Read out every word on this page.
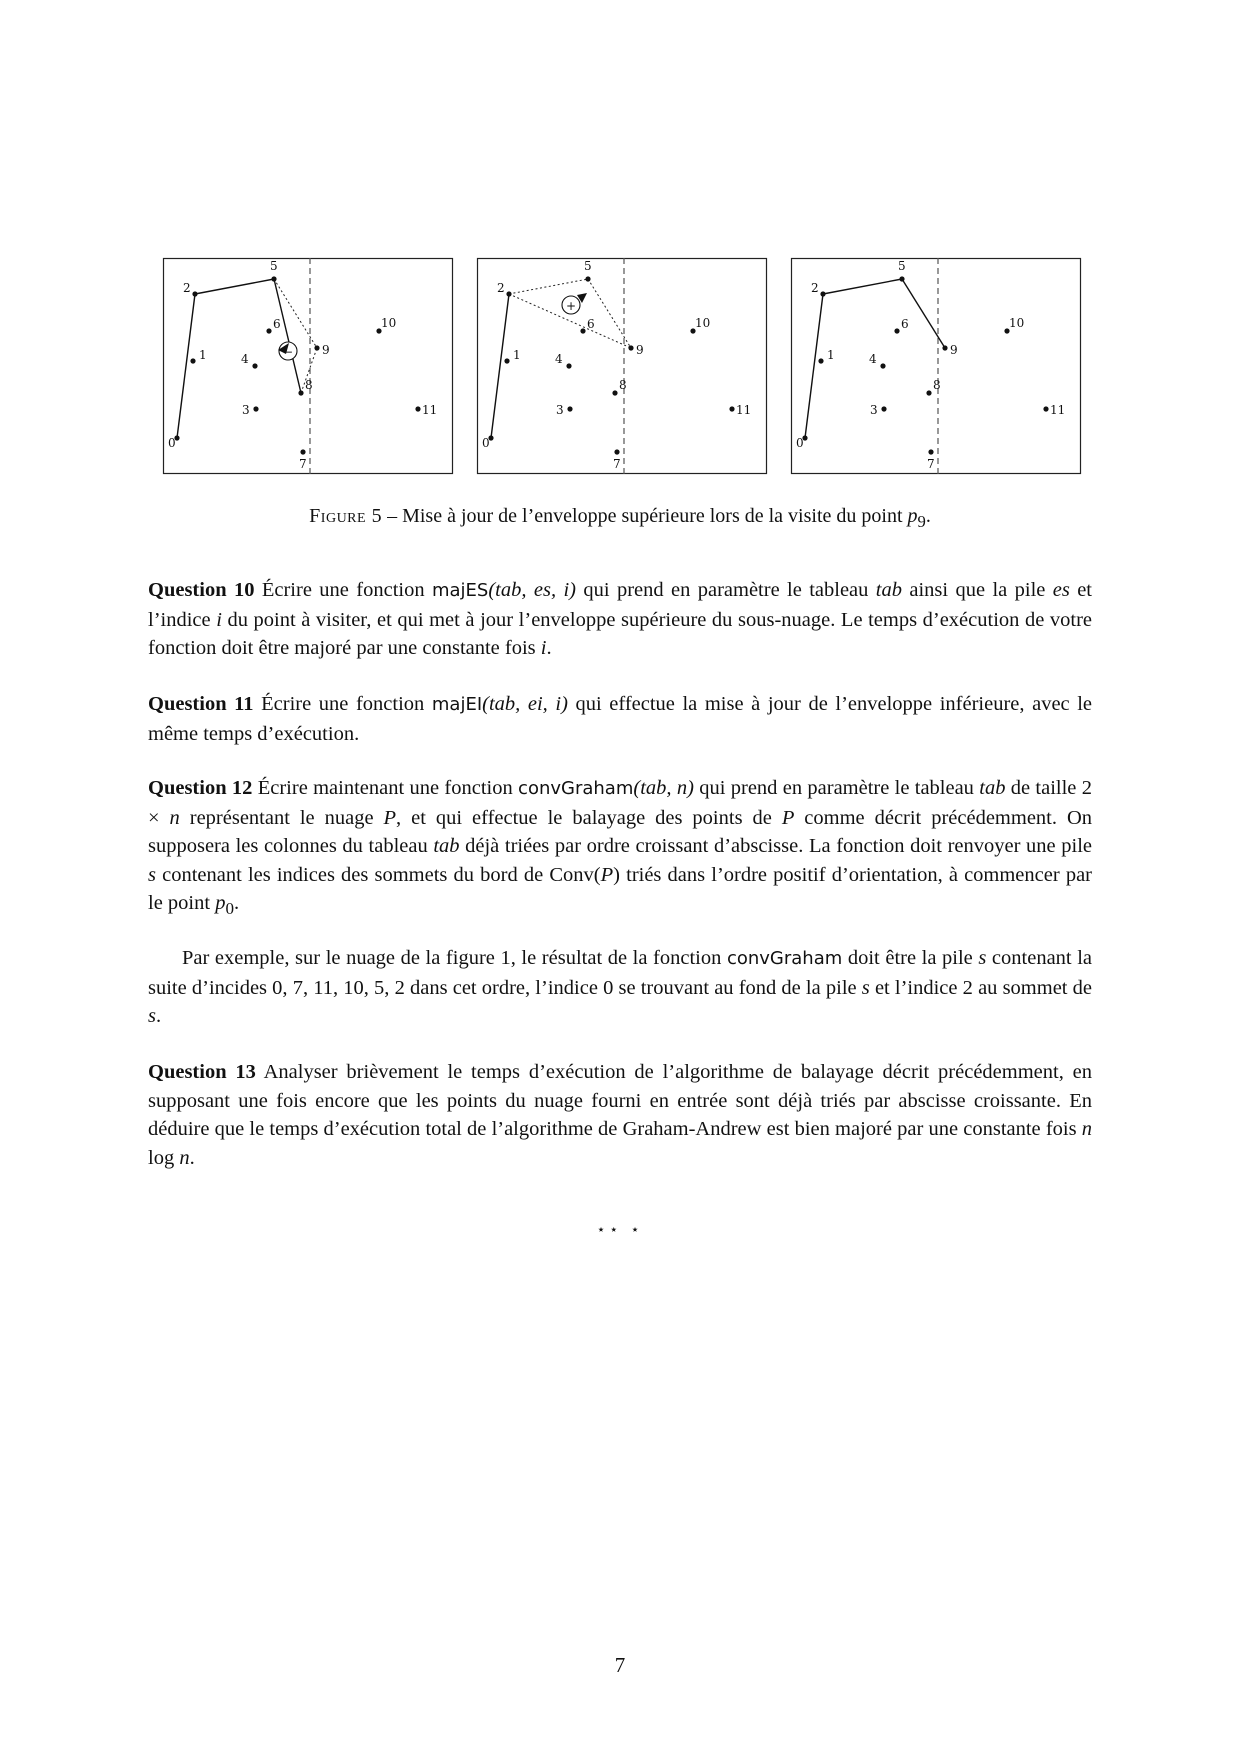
0
1
2
3
4
5
6
7
8
9
10
11
−
0
1
2
3
4
5
6
7
8
9
10
11
+
0
1
2
3
4
5
6
7
8
9
10
11
Figure 5 – Mise à jour de l’enveloppe supérieure lors de la visite du point $p_9$.

Question 10 Écrire une fonction majES(tab, es, i) qui prend en paramètre le tableau tab ainsi que la pile es et l’indice i du point à visiter, et qui met à jour l’enveloppe supérieure du sous-nuage. Le temps d’exécution de votre fonction doit être majoré par une constante fois i.

Question 11 Écrire une fonction majEI(tab, ei, i) qui effectue la mise à jour de l’enveloppe inférieure, avec le même temps d’exécution.

Question 12 Écrire maintenant une fonction convGraham(tab, n) qui prend en paramètre le tableau tab de taille 2 × n représentant le nuage P, et qui effectue le balayage des points de P comme décrit précédemment. On supposera les colonnes du tableau tab déjà triées par ordre croissant d’abscisse. La fonction doit renvoyer une pile s contenant les indices des sommets du bord de Conv(P) triés dans l’ordre positif d’orientation, à commencer par le point $p_0$.

Par exemple, sur le nuage de la figure 1, le résultat de la fonction convGraham doit être la pile s contenant la suite d’incides 0, 7, 11, 10, 5, 2 dans cet ordre, l’indice 0 se trouvant au fond de la pile s et l’indice 2 au sommet de s.

Question 13 Analyser brièvement le temps d’exécution de l’algorithme de balayage décrit précédemment, en supposant une fois encore que les points du nuage fourni en entrée sont déjà triés par abscisse croissante. En déduire que le temps d’exécution total de l’algorithme de Graham-Andrew est bien majoré par une constante fois n log n.

⋆⋆ ⋆
7
